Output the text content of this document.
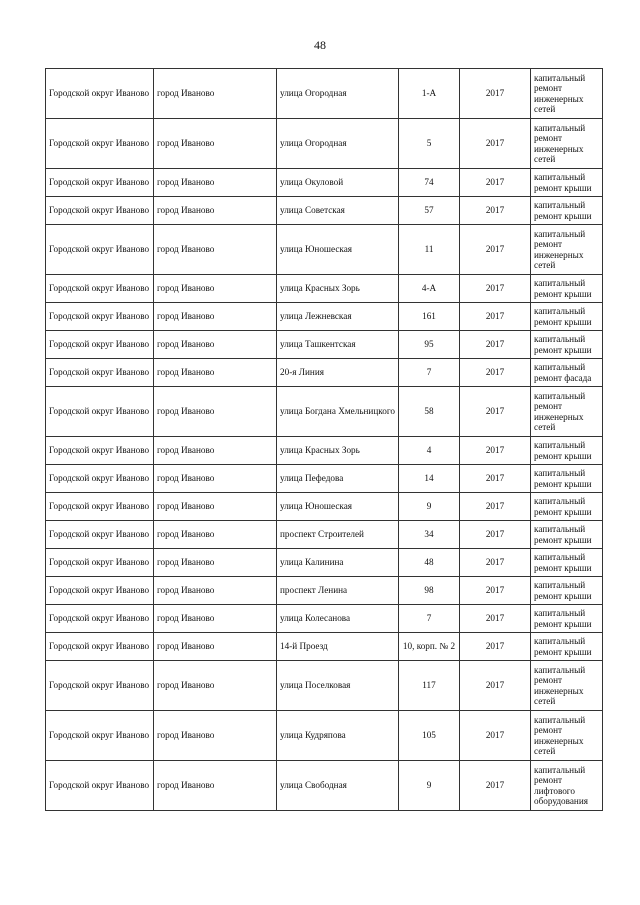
48
Городской округ Иваново	город Иваново	улица Огородная	1-А	2017	капитальный ремонт инженерных сетей
Городской округ Иваново	город Иваново	улица Огородная	5	2017	капитальный ремонт инженерных сетей
Городской округ Иваново	город Иваново	улица Окуловой	74	2017	капитальный ремонт крыши
Городской округ Иваново	город Иваново	улица Советская	57	2017	капитальный ремонт крыши
Городской округ Иваново	город Иваново	улица Юношеская	11	2017	капитальный ремонт инженерных сетей
Городской округ Иваново	город Иваново	улица Красных Зорь	4-А	2017	капитальный ремонт крыши
Городской округ Иваново	город Иваново	улица Лежневская	161	2017	капитальный ремонт крыши
Городской округ Иваново	город Иваново	улица Ташкентская	95	2017	капитальный ремонт крыши
Городской округ Иваново	город Иваново	20-я Линия	7	2017	капитальный ремонт фасада
Городской округ Иваново	город Иваново	улица Богдана Хмельницкого	58	2017	капитальный ремонт инженерных сетей
Городской округ Иваново	город Иваново	улица Красных Зорь	4	2017	капитальный ремонт крыши
Городской округ Иваново	город Иваново	улица Пефедова	14	2017	капитальный ремонт крыши
Городской округ Иваново	город Иваново	улица Юношеская	9	2017	капитальный ремонт крыши
Городской округ Иваново	город Иваново	проспект Строителей	34	2017	капитальный ремонт крыши
Городской округ Иваново	город Иваново	улица Калинина	48	2017	капитальный ремонт крыши
Городской округ Иваново	город Иваново	проспект Ленина	98	2017	капитальный ремонт крыши
Городской округ Иваново	город Иваново	улица Колесанова	7	2017	капитальный ремонт крыши
Городской округ Иваново	город Иваново	14-й Проезд	10, корп. № 2	2017	капитальный ремонт крыши
Городской округ Иваново	город Иваново	улица Поселковая	117	2017	капитальный ремонт инженерных сетей
Городской округ Иваново	город Иваново	улица Кудряпова	105	2017	капитальный ремонт инженерных сетей
Городской округ Иваново	город Иваново	улица Свободная	9	2017	капитальный ремонт лифтового оборудования
